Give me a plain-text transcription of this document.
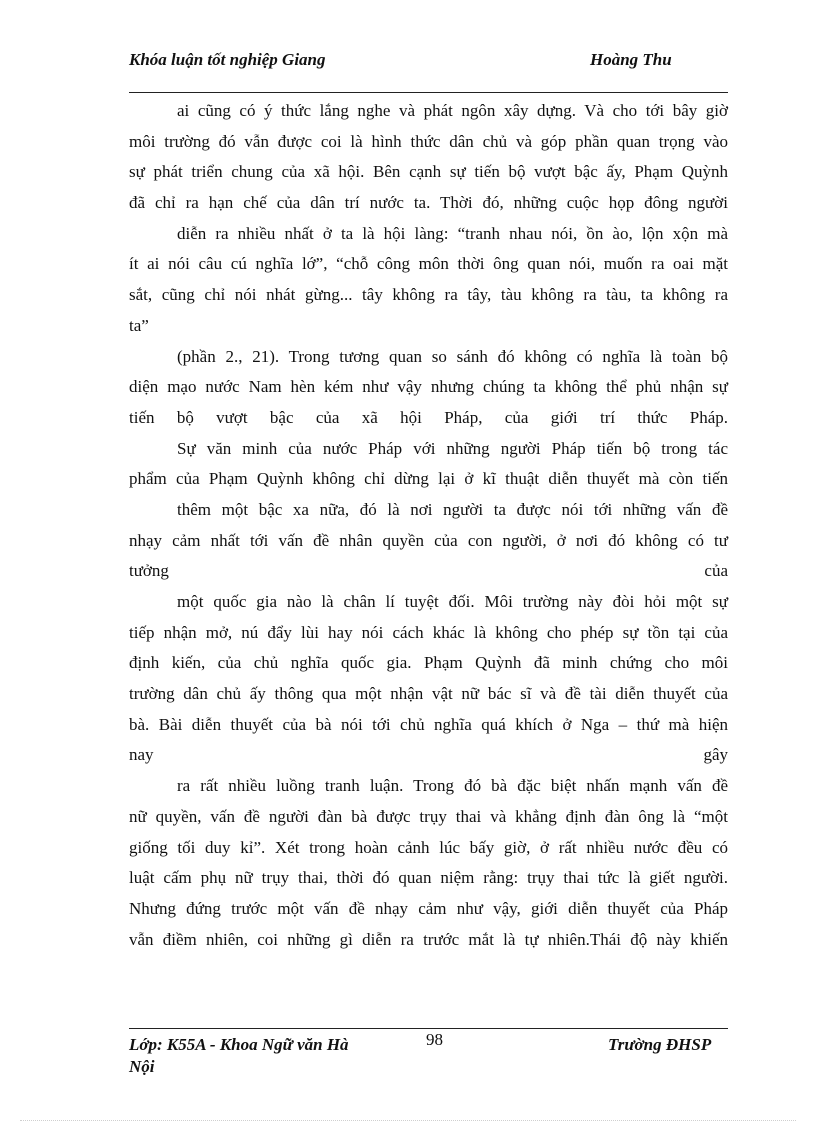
Khóa luận tốt nghiệp Giang	Hoàng Thu
ai cũng có ý thức lắng nghe và phát ngôn xây dựng. Và cho tới bây giờ
môi trường đó vẫn được coi là hình thức dân chủ và góp phần quan trọng vào
sự phát triển chung của xã hội. Bên cạnh sự tiến bộ vượt bậc ấy, Phạm Quỳnh
đã chỉ ra hạn chế của dân trí nước ta. Thời đó, những cuộc họp đông người
diễn ra nhiều nhất ở ta là hội làng: “tranh nhau nói, ồn ào, lộn xộn mà
ít ai nói câu cú nghĩa lớ”, “chỗ công môn thời ông quan nói, muốn ra oai mặt
sắt, cũng chỉ nói nhát gừng... tây không ra tây, tàu không ra tàu, ta không ra
ta”
(phần 2., 21). Trong tương quan so sánh đó không có nghĩa là toàn bộ
diện mạo nước Nam hèn kém như vậy nhưng chúng ta không thể phủ nhận sự
tiến bộ vượt bậc của xã hội Pháp, của giới trí thức Pháp.
Sự văn minh của nước Pháp với những người Pháp tiến bộ trong tác
phẩm của Phạm Quỳnh không chỉ dừng lại ở kĩ thuật diễn thuyết mà còn tiến
thêm một bậc xa nữa, đó là nơi người ta được nói tới những vấn đề
nhạy cảm nhất tới vấn đề nhân quyền của con người, ở nơi đó không có tư
tưởng của
một quốc gia nào là chân lí tuyệt đối. Môi trường này đòi hỏi một sự
tiếp nhận mở, nú đẩy lùi hay nói cách khác là không cho phép sự tồn tại của
định kiến, của chủ nghĩa quốc gia. Phạm Quỳnh đã minh chứng cho môi
trường dân chủ ấy thông qua một nhận vật nữ bác sĩ và đề tài diễn thuyết của
bà. Bài diễn thuyết của bà nói tới chủ nghĩa quá khích ở Nga – thứ mà hiện
nay gây
ra rất nhiều luồng tranh luận. Trong đó bà đặc biệt nhấn mạnh vấn đề
nữ quyền, vấn đề người đàn bà được trụy thai và khẳng định đàn ông là “một
giống tối duy kỉ”. Xét trong hoàn cảnh lúc bấy giờ, ở rất nhiều nước đều có
luật cấm phụ nữ trụy thai, thời đó quan niệm rằng: trụy thai tức là giết người.
Nhưng đứng trước một vấn đề nhạy cảm như vậy, giới diễn thuyết của Pháp
vẫn điềm nhiên, coi những gì diễn ra trước mắt là tự nhiên.Thái độ này khiến
Lớp: K55A - Khoa Ngữ văn Hà Nội
98	Trường ĐHSP
